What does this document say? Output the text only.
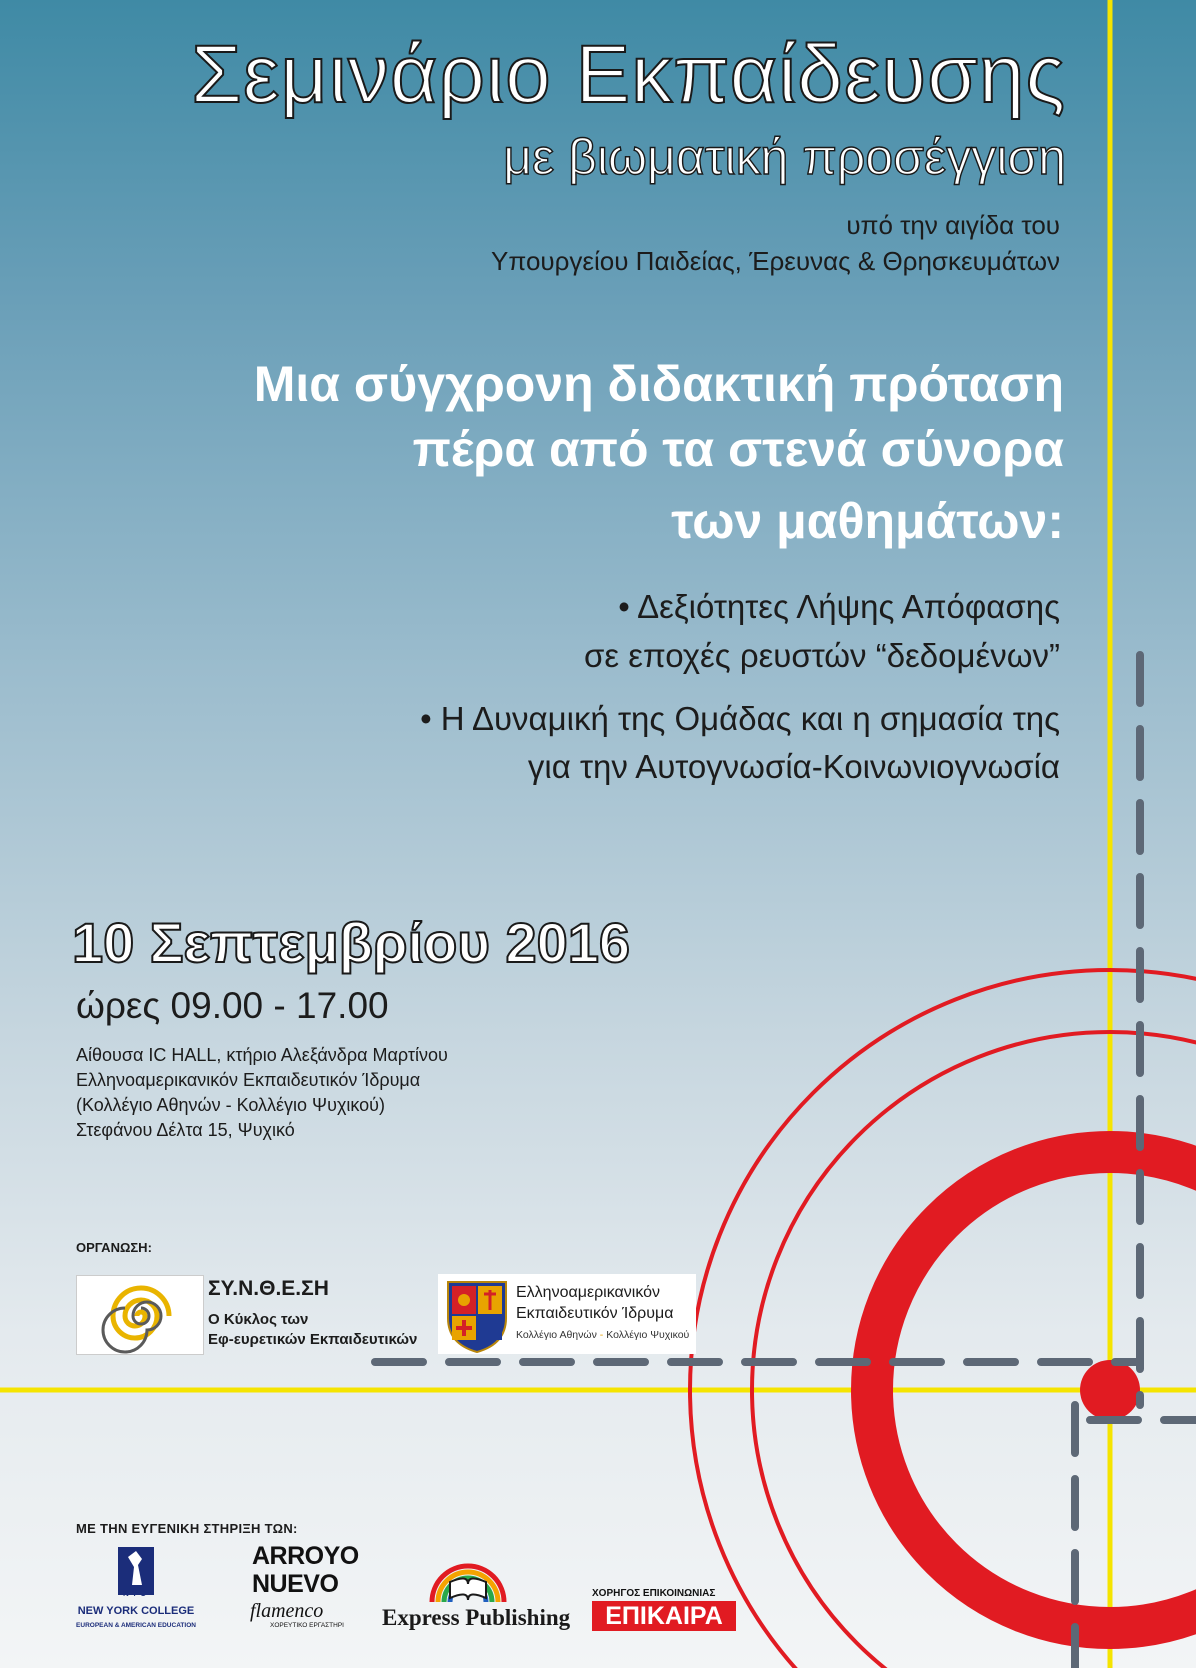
Σεμινάριο Εκπαίδευσης
με βιωματική προσέγγιση
υπό την αιγίδα του
Υπουργείου Παιδείας, Έρευνας & Θρησκευμάτων
Μια σύγχρονη διδακτική πρόταση
πέρα από τα στενά σύνορα
των μαθημάτων:
• Δεξιότητες Λήψης Απόφασης
σε εποχές ρευστών “δεδομένων”
• Η Δυναμική της Ομάδας και η σημασία της
για την Αυτογνωσία-Κοινωνιογνωσία
10 Σεπτεμβρίου 2016
ώρες 09.00 - 17.00
Αίθουσα IC HALL, κτήριο Αλεξάνδρα Μαρτίνου
Ελληνοαμερικανικόν Εκπαιδευτικόν Ίδρυμα
(Κολλέγιο Αθηνών - Κολλέγιο Ψυχικού)
Στεφάνου Δέλτα 15, Ψυχικό
ΟΡΓΑΝΩΣΗ:
ΣΥ.Ν.Θ.Ε.ΣΗ
Ο Κύκλος των
Εφ-ευρετικών Εκπαιδευτικών
Ελληνοαμερικανικόν
Εκπαιδευτικόν Ίδρυμα
Κολλέγιο Αθηνών - Κολλέγιο Ψυχικού
ΜΕ ΤΗΝ ΕΥΓΕΝΙΚΗ ΣΤΗΡΙΞΗ ΤΩΝ:
NYC
NEW YORK COLLEGE
EUROPEAN & AMERICAN EDUCATION
ARROYO
NUEVO
flamenco
ΧΟΡΕΥΤΙΚΟ ΕΡΓΑΣΤΗΡΙ Express Publishing
ΧΟΡΗΓΟΣ ΕΠΙΚΟΙΝΩΝΙΑΣ
ΕΠΙΚΑΙΡΑ
